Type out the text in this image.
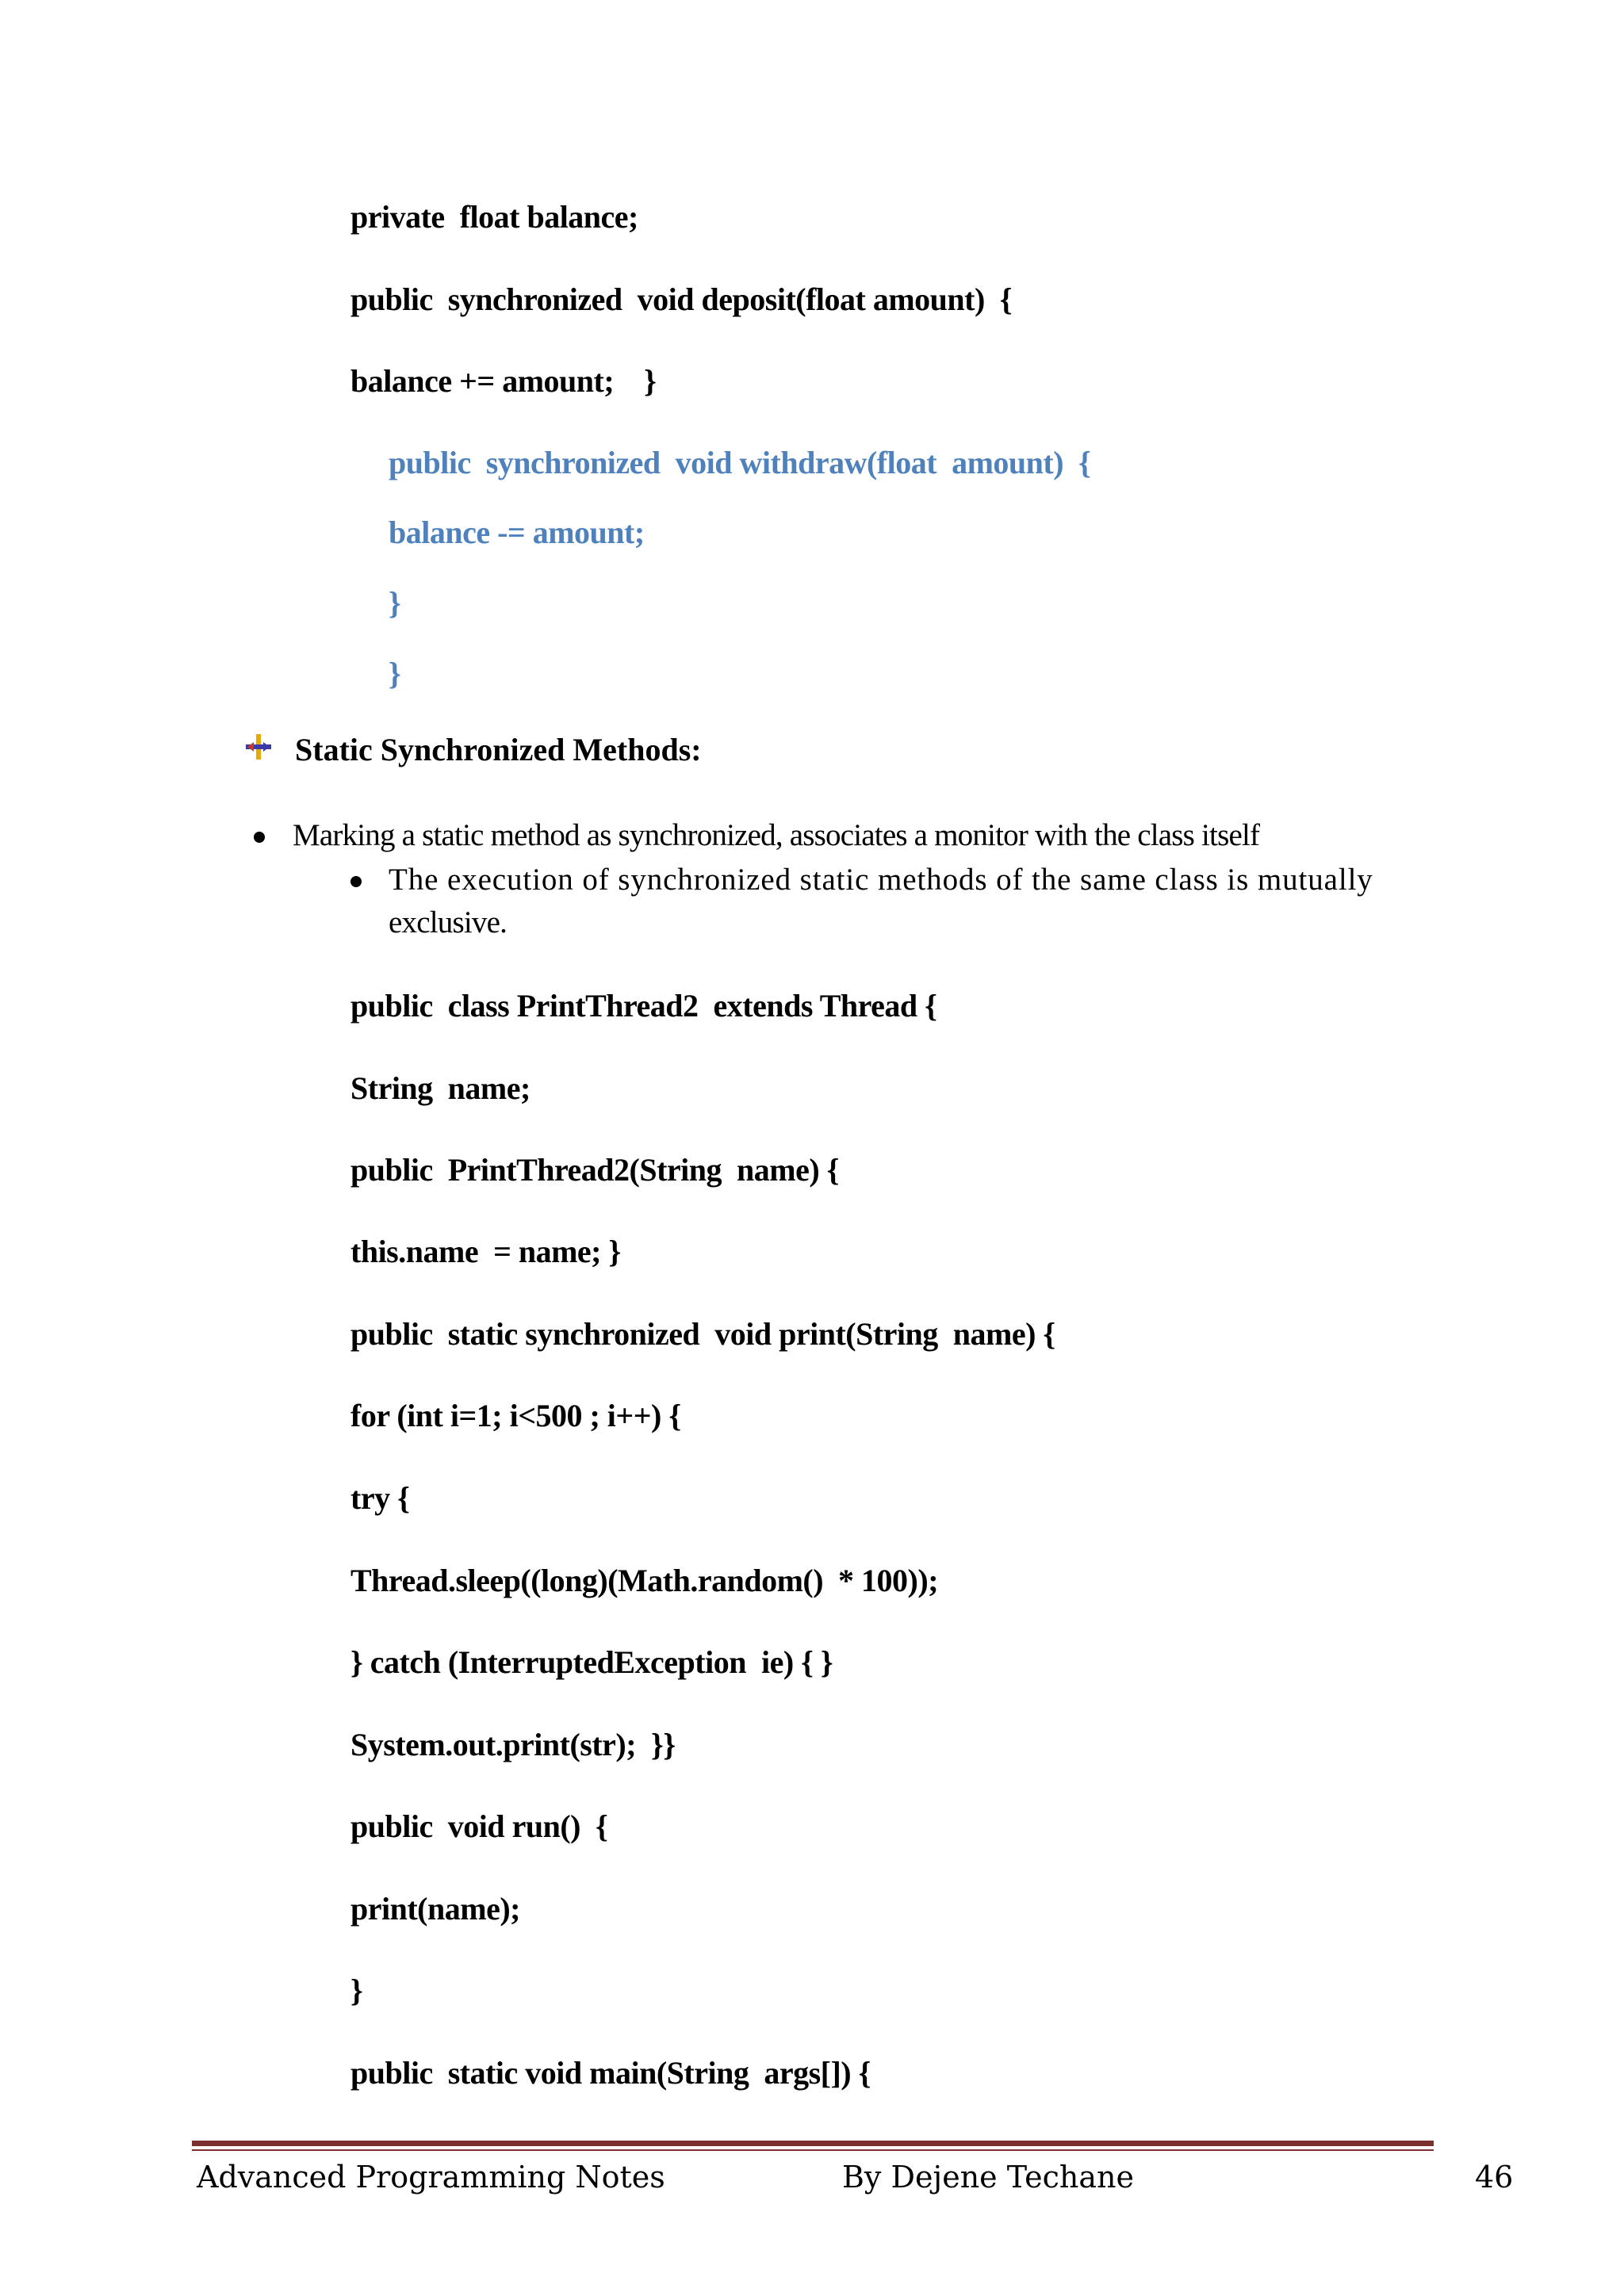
private  float balance;
public  synchronized  void deposit(float amount)  {
balance += amount;    }
public  synchronized  void withdraw(float  amount)  {
balance -= amount;
}
}
Static Synchronized Methods:
Marking a static method as synchronized, associates a monitor with the class itself
The execution of synchronized static methods of the same class is mutually
exclusive.
public  class PrintThread2  extends Thread {
String  name;
public  PrintThread2(String  name) {
this.name  = name; }
public  static synchronized  void print(String  name) {
for (int i=1; i<500 ; i++) {
try {
Thread.sleep((long)(Math.random()  * 100));
} catch (InterruptedException  ie) { }
System.out.print(str);  }}
public  void run()  {
print(name);
}
public  static void main(String  args[]) {
Advanced Programming Notes	By Dejene Techane	46
